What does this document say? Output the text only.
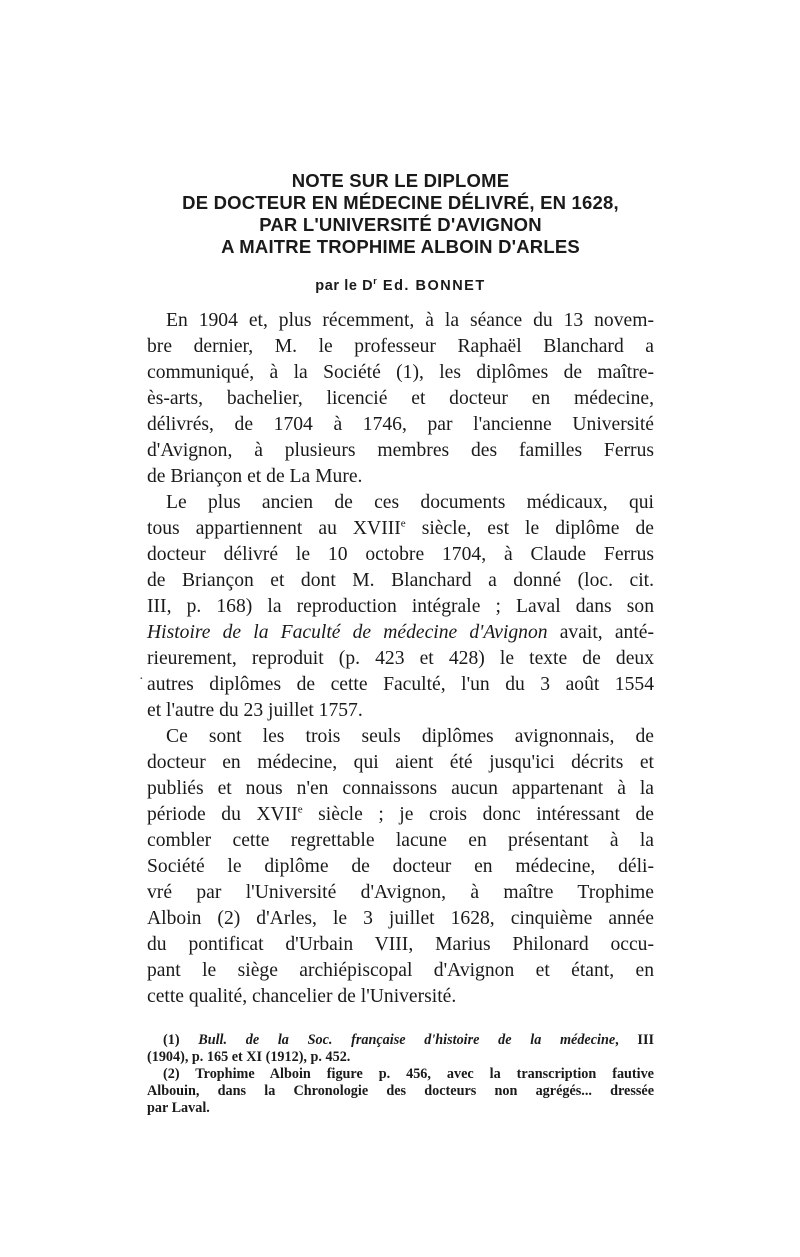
·
NOTE SUR LE DIPLOME
DE DOCTEUR EN MÉDECINE DÉLIVRÉ, EN 1628,
PAR L'UNIVERSITÉ D'AVIGNON
A MAITRE TROPHIME ALBOIN D'ARLES
par le $D^r$ Ed. BONNET
En 1904 et, plus récemment, à la séance du 13 novem-
bre dernier, M. le professeur Raphaël Blanchard a
communiqué, à la Société (1), les diplômes de maître-
ès-arts, bachelier, licencié et docteur en médecine,
délivrés, de 1704 à 1746, par l'ancienne Université
d'Avignon, à plusieurs membres des familles Ferrus
de Briançon et de La Mure.
Le plus ancien de ces documents médicaux, qui
tous appartiennent au XVIIIe siècle, est le diplôme de
docteur délivré le 10 octobre 1704, à Claude Ferrus
de Briançon et dont M. Blanchard a donné (loc. cit.
III, p. 168) la reproduction intégrale ; Laval dans son
Histoire de la Faculté de médecine d'Avignon avait, anté-
rieurement, reproduit (p. 423 et 428) le texte de deux
autres diplômes de cette Faculté, l'un du 3 août 1554
et l'autre du 23 juillet 1757.
Ce sont les trois seuls diplômes avignonnais, de
docteur en médecine, qui aient été jusqu'ici décrits et
publiés et nous n'en connaissons aucun appartenant à la
période du XVIIe siècle ; je crois donc intéressant de
combler cette regrettable lacune en présentant à la
Société le diplôme de docteur en médecine, déli-
vré par l'Université d'Avignon, à maître Trophime
Alboin (2) d'Arles, le 3 juillet 1628, cinquième année
du pontificat d'Urbain VIII, Marius Philonard occu-
pant le siège archiépiscopal d'Avignon et étant, en
cette qualité, chancelier de l'Université.
(1) Bull. de la Soc. française d'histoire de la médecine, III
(1904), p. 165 et XI (1912), p. 452.
(2) Trophime Alboin figure p. 456, avec la transcription fautive
Albouin, dans la Chronologie des docteurs non agrégés... dressée
par Laval.
